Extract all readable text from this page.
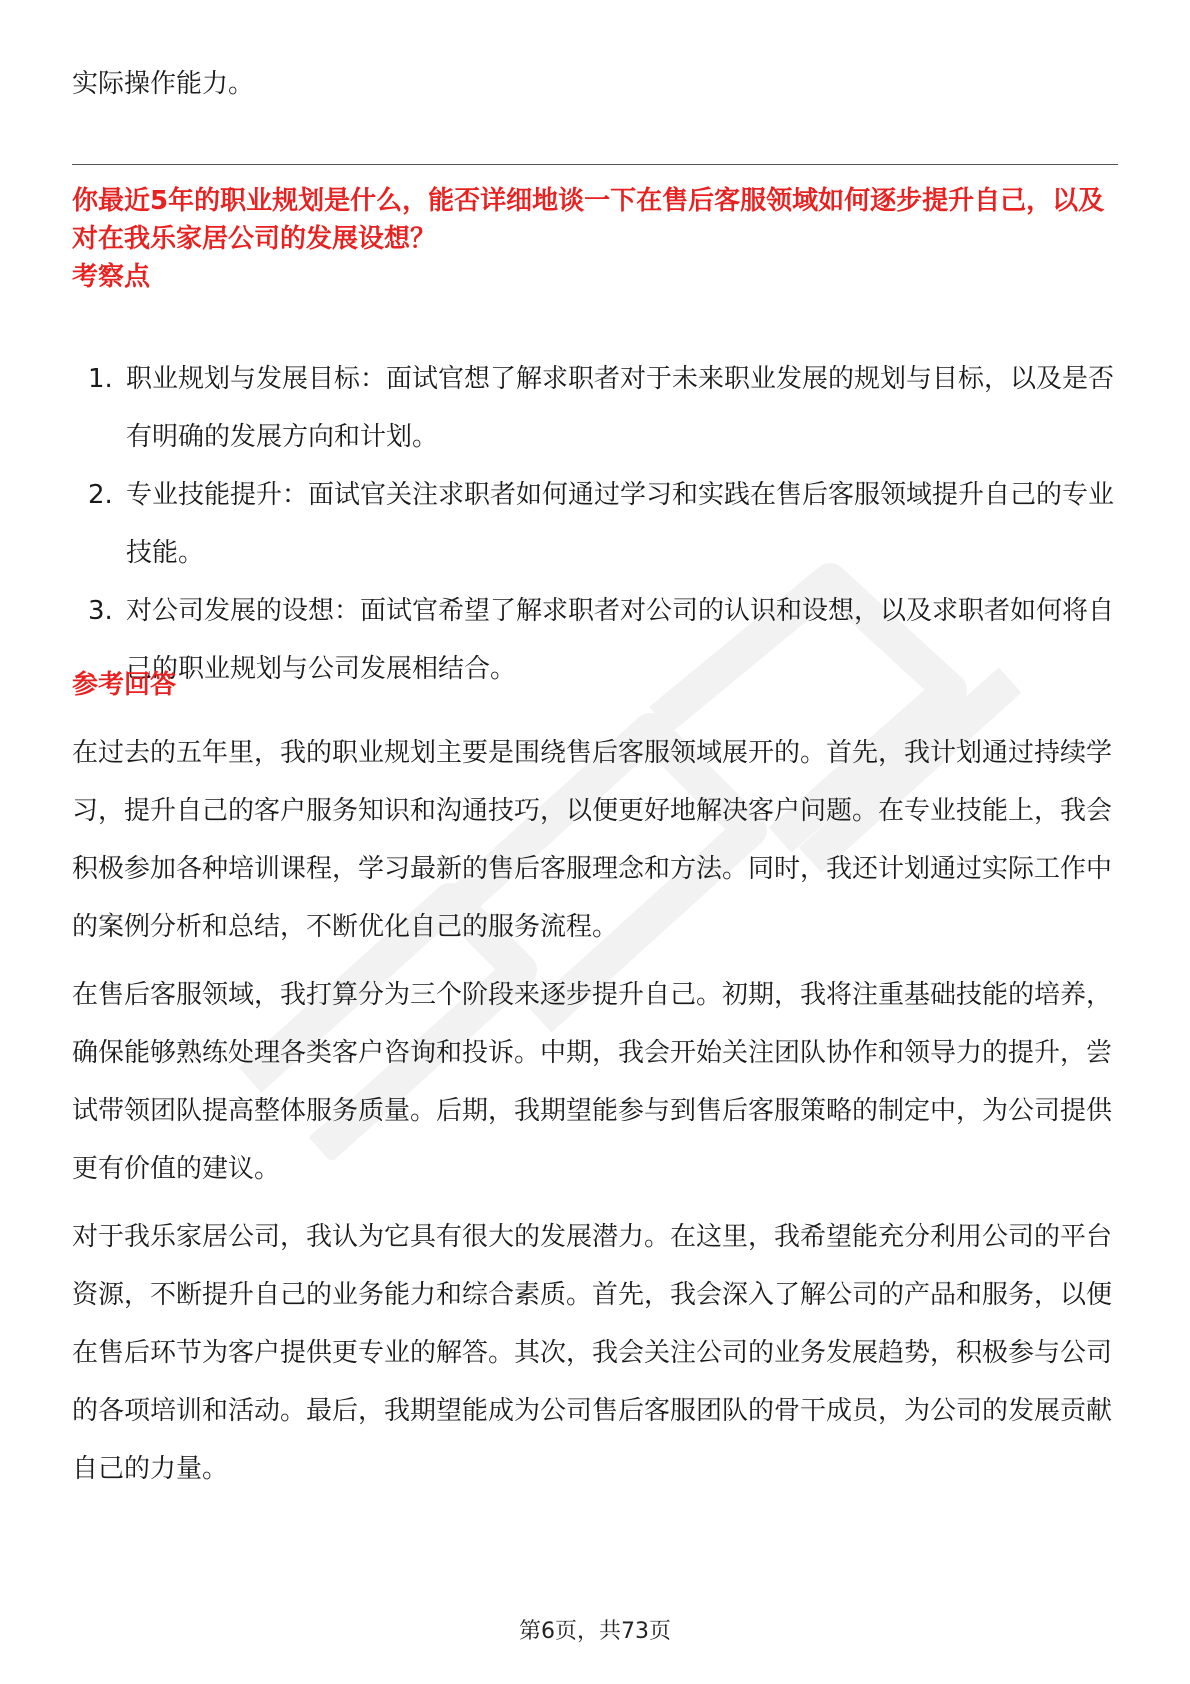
实际操作能力。
你最近5年的职业规划是什么，能否详细地谈一下在售后客服领域如何逐步提升自己，以及对在我乐家居公司的发展设想？
考察点
1. 职业规划与发展目标：面试官想了解求职者对于未来职业发展的规划与目标，以及是否有明确的发展方向和计划。
2. 专业技能提升：面试官关注求职者如何通过学习和实践在售后客服领域提升自己的专业技能。
3. 对公司发展的设想：面试官希望了解求职者对公司的认识和设想，以及求职者如何将自己的职业规划与公司发展相结合。
参考回答

在过去的五年里，我的职业规划主要是围绕售后客服领域展开的。首先，我计划通过持续学习，提升自己的客户服务知识和沟通技巧，以便更好地解决客户问题。在专业技能上，我会积极参加各种培训课程，学习最新的售后客服理念和方法。同时，我还计划通过实际工作中的案例分析和总结，不断优化自己的服务流程。

在售后客服领域，我打算分为三个阶段来逐步提升自己。初期，我将注重基础技能的培养，确保能够熟练处理各类客户咨询和投诉。中期，我会开始关注团队协作和领导力的提升，尝试带领团队提高整体服务质量。后期，我期望能参与到售后客服策略的制定中，为公司提供更有价值的建议。

对于我乐家居公司，我认为它具有很大的发展潜力。在这里，我希望能充分利用公司的平台资源，不断提升自己的业务能力和综合素质。首先，我会深入了解公司的产品和服务，以便在售后环节为客户提供更专业的解答。其次，我会关注公司的业务发展趋势，积极参与公司的各项培训和活动。最后，我期望能成为公司售后客服团队的骨干成员，为公司的发展贡献自己的力量。

第6页，共73页
